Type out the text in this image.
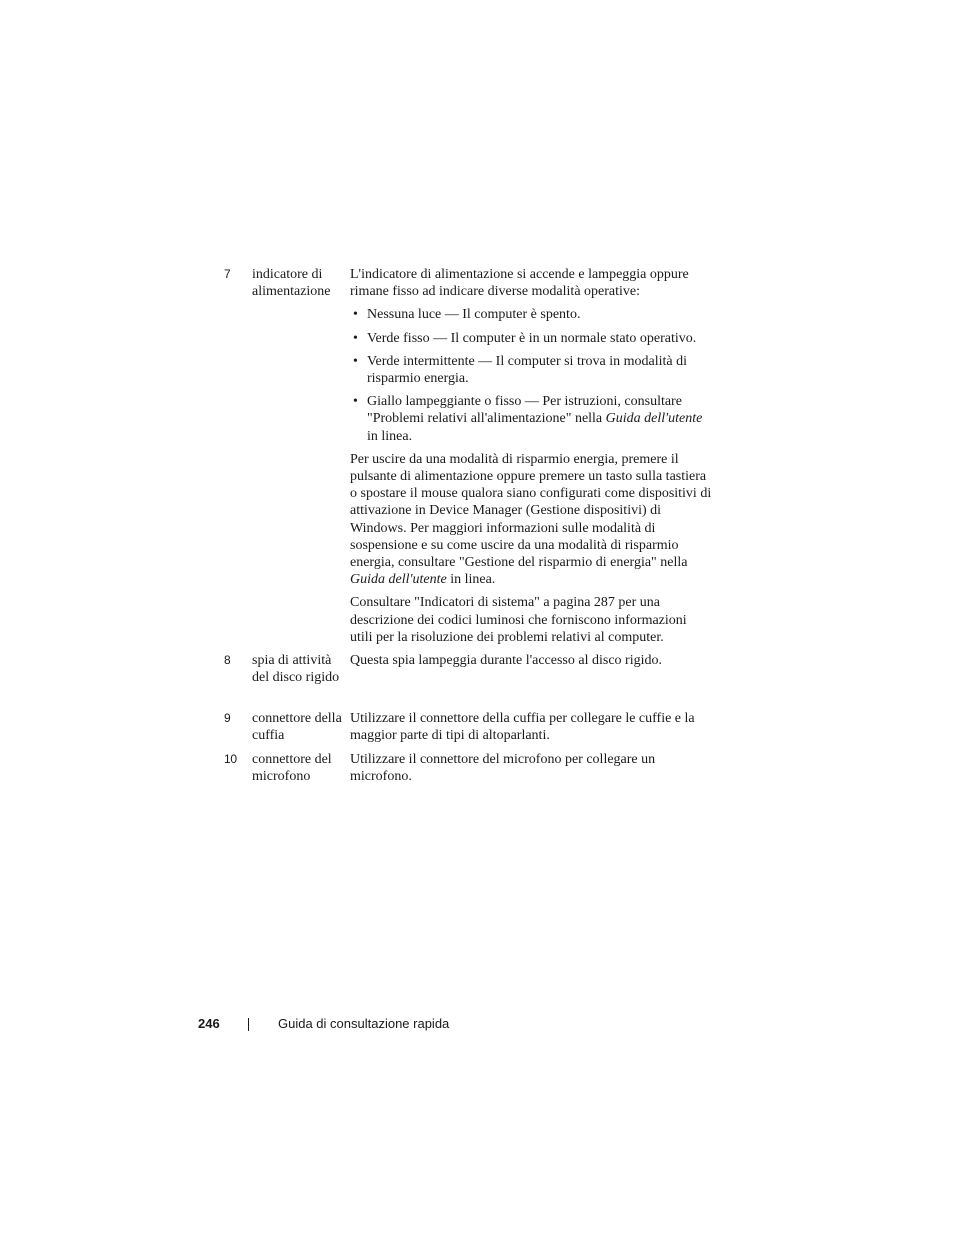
7 indicatore di alimentazione

L'indicatore di alimentazione si accende e lampeggia oppure rimane fisso ad indicare diverse modalità operative:

• Nessuna luce — Il computer è spento.
• Verde fisso — Il computer è in un normale stato operativo.
• Verde intermittente — Il computer si trova in modalità di risparmio energia.
• Giallo lampeggiante o fisso — Per istruzioni, consultare "Problemi relativi all'alimentazione" nella Guida dell'utente in linea.

Per uscire da una modalità di risparmio energia, premere il pulsante di alimentazione oppure premere un tasto sulla tastiera o spostare il mouse qualora siano configurati come dispositivi di attivazione in Device Manager (Gestione dispositivi) di Windows. Per maggiori informazioni sulle modalità di sospensione e su come uscire da una modalità di risparmio energia, consultare "Gestione del risparmio di energia" nella Guida dell'utente in linea.

Consultare "Indicatori di sistema" a pagina 287 per una descrizione dei codici luminosi che forniscono informazioni utili per la risoluzione dei problemi relativi al computer.

8 spia di attività del disco rigido
Questa spia lampeggia durante l'accesso al disco rigido.
9 connettore della cuffia
Utilizzare il connettore della cuffia per collegare le cuffie e la maggior parte di tipi di altoparlanti.
10 connettore del microfono
Utilizzare il connettore del microfono per collegare un microfono.
246	Guida di consultazione rapida
